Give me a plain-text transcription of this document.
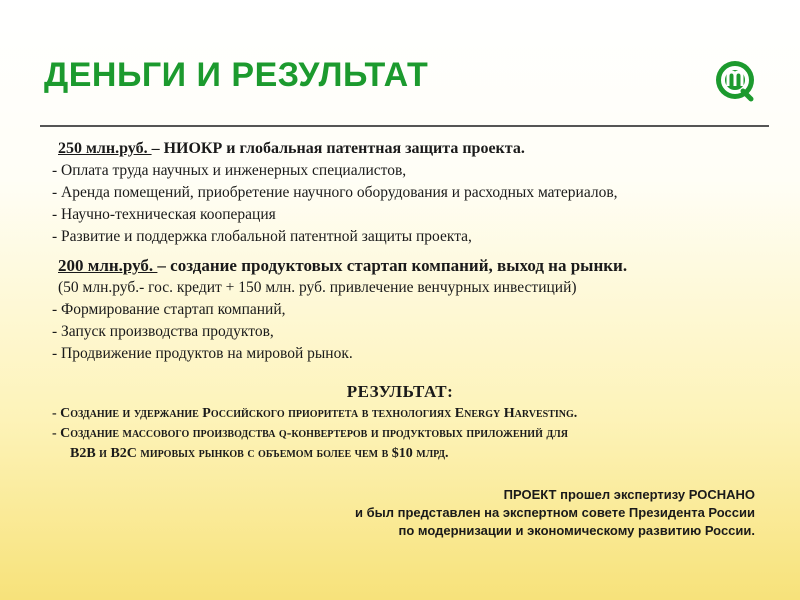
ДЕНЬГИ И РЕЗУЛЬТАТ
250 млн.руб. – НИОКР и глобальная патентная защита проекта.
- Оплата труда научных и инженерных специалистов,
- Аренда помещений, приобретение научного оборудования и расходных материалов,
- Научно-техническая кооперация
- Развитие и поддержка глобальной патентной защиты проекта,
200 млн.руб. – создание продуктовых стартап компаний, выход на рынки.
(50 млн.руб.- гос. кредит + 150 млн. руб. привлечение венчурных инвестиций)
- Формирование стартап компаний,
- Запуск производства продуктов,
- Продвижение продуктов на мировой рынок.
РЕЗУЛЬТАТ:
- Создание и удержание Российского приоритета в технологиях Energy Harvesting.
- Создание массового производства q-конвертеров и продуктовых приложений для
B2B и B2C мировых рынков с объемом более чем в $10 млрд.
ПРОЕКТ прошел экспертизу РОСНАНО
и был представлен на экспертном совете Президента России
по модернизации и экономическому развитию России.
